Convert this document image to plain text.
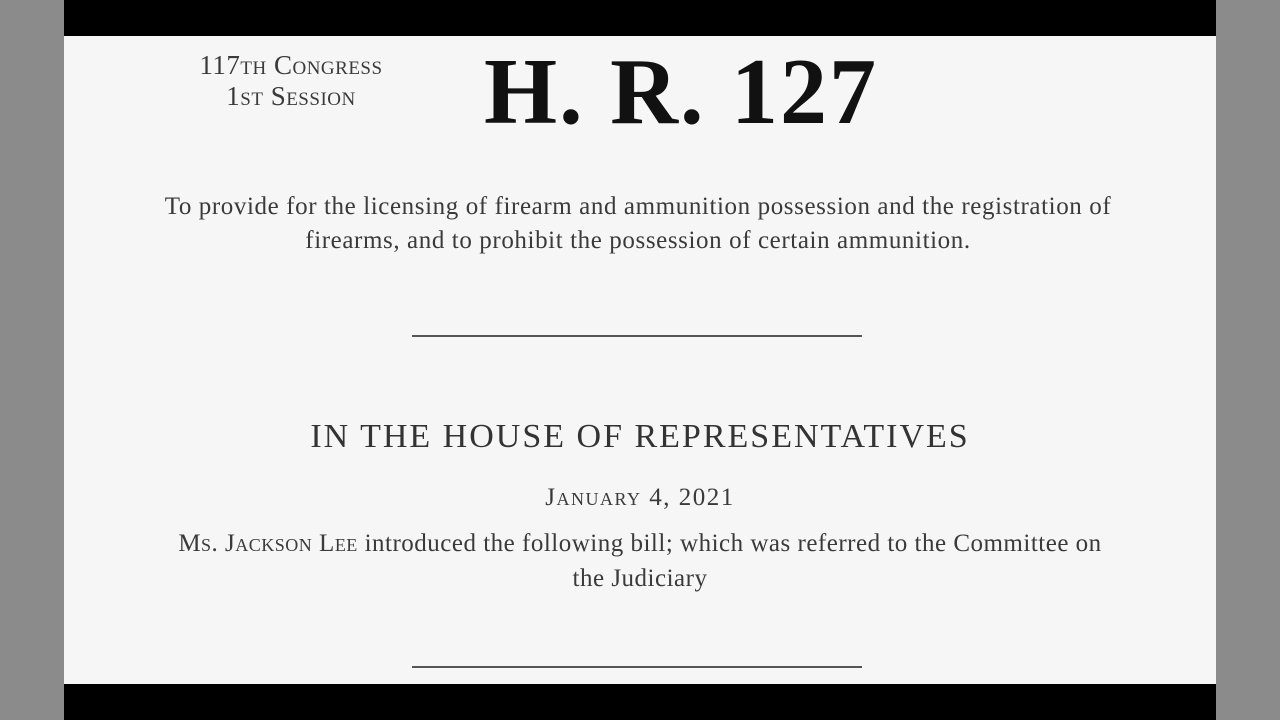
117th Congress
1st Session	H. R. 127
To provide for the licensing of firearm and ammunition possession and the registration of firearms, and to prohibit the possession of certain ammunition.
IN THE HOUSE OF REPRESENTATIVES
January 4, 2021
Ms. Jackson Lee introduced the following bill; which was referred to the Committee on the Judiciary
